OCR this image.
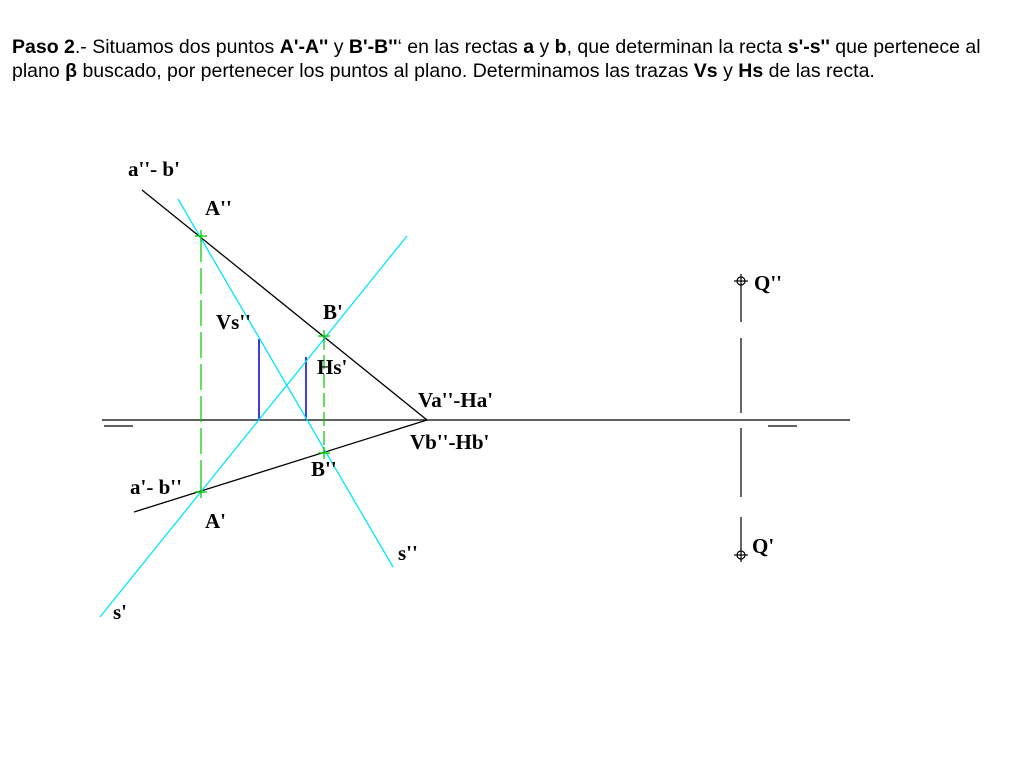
Paso 2.- Situamos dos puntos A'-A'' y B'-B''‘ en las rectas a y b, que determinan la recta s'-s'' que pertenece al plano β buscado, por pertenecer los puntos al plano. Determinamos las trazas Vs y Hs de las recta.

a''- b'
A''
Vs''	B'
Hs'
Va''-Ha'
Vb''-Hb'
B''
a'- b''
A'
s''
s'
Q''
Q'
